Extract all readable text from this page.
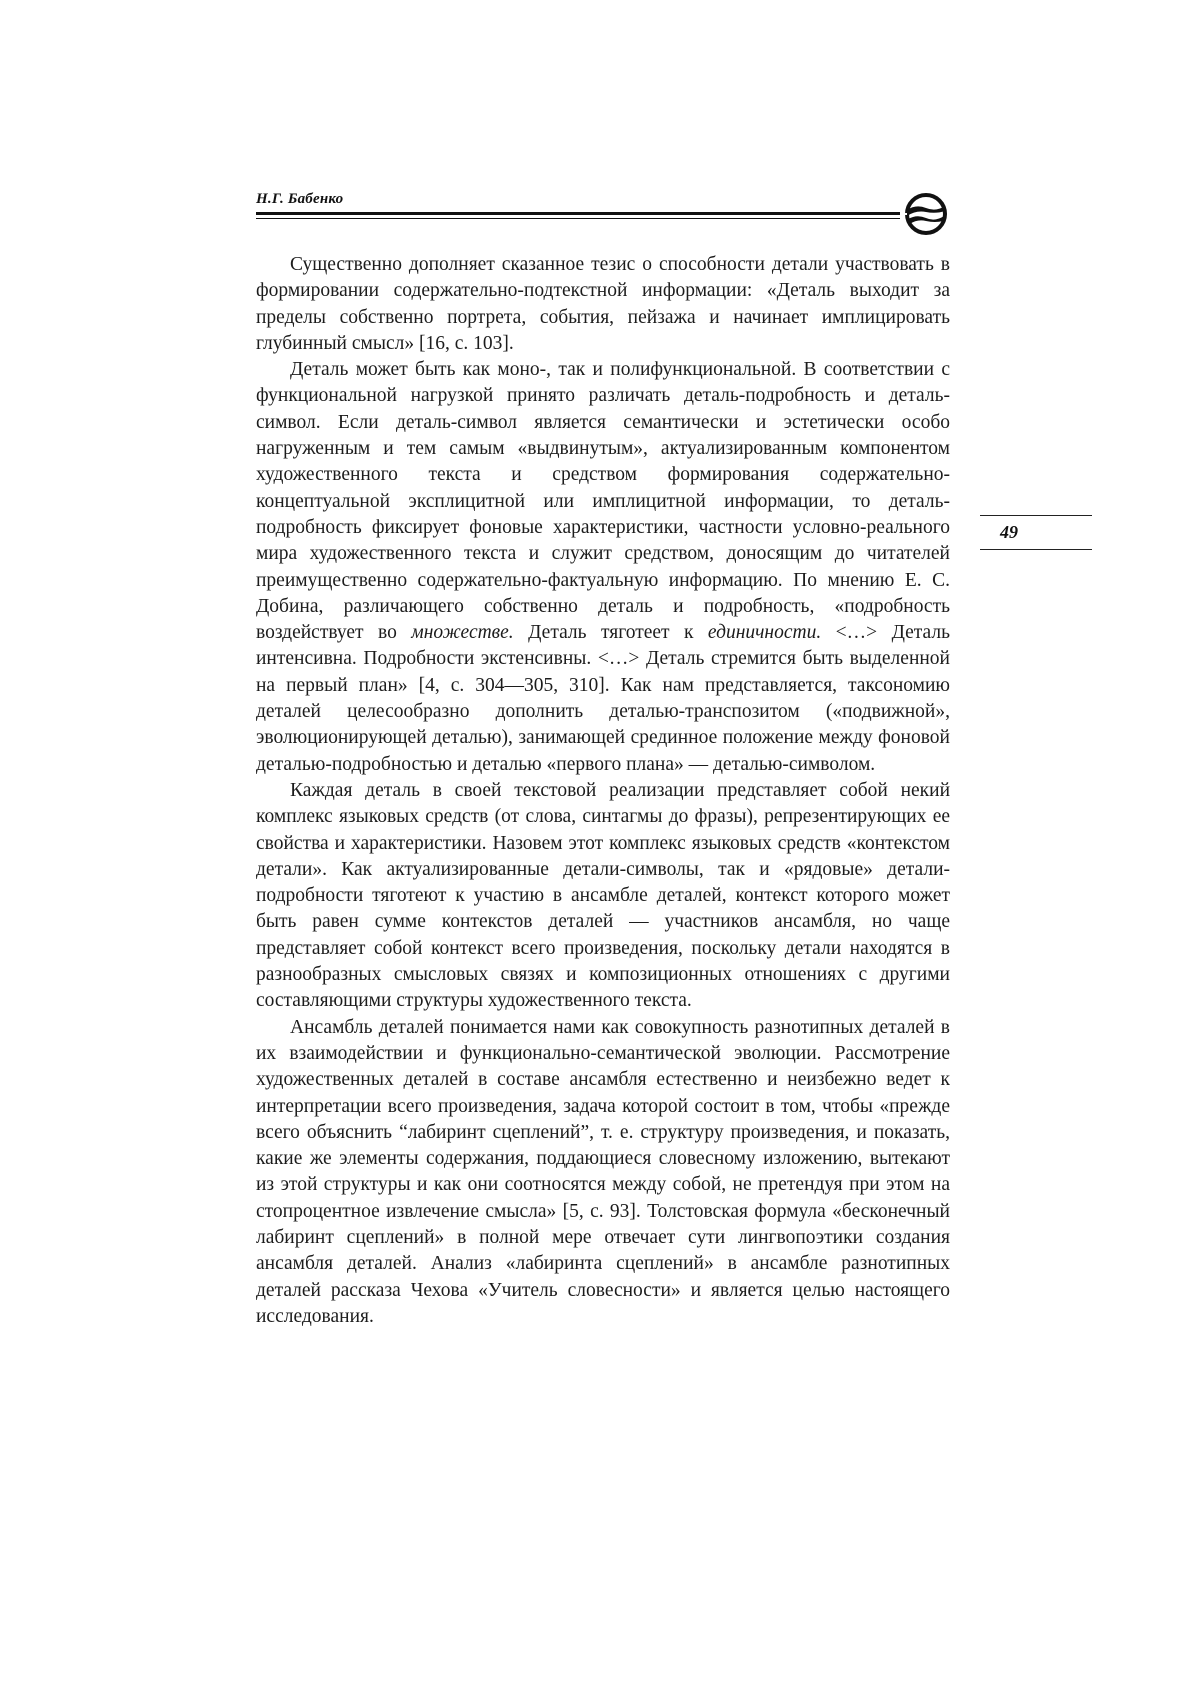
Н.Г. Бабенко
49

Существенно дополняет сказанное тезис о способности детали участвовать в формировании содержательно-подтекстной информации: «Деталь выходит за пределы собственно портрета, события, пейзажа и начинает имплицировать глубинный смысл» [16, с. 103].

Деталь может быть как моно-, так и полифункциональной. В соответствии с функциональной нагрузкой принято различать деталь-подробность и деталь-символ. Если деталь-символ является семантически и эстетически особо нагруженным и тем самым «выдвинутым», актуализированным компонентом художественного текста и средством формирования содержательно-концептуальной эксплицитной или имплицитной информации, то деталь-подробность фиксирует фоновые характеристики, частности условно-реального мира художественного текста и служит средством, доносящим до читателей преимущественно содержательно-фактуальную информацию. По мнению Е. С. Добина, различающего собственно деталь и подробность, «подробность воздействует во множестве. Деталь тяготеет к единичности. <…> Деталь интенсивна. Подробности экстенсивны. <…> Деталь стремится быть выделенной на первый план» [4, с. 304—305, 310]. Как нам представляется, таксономию деталей целесообразно дополнить деталью-транспозитом («подвижной», эволюционирующей деталью), занимающей срединное положение между фоновой деталью-подробностью и деталью «первого плана» — деталью-символом.

Каждая деталь в своей текстовой реализации представляет собой некий комплекс языковых средств (от слова, синтагмы до фразы), репрезентирующих ее свойства и характеристики. Назовем этот комплекс языковых средств «контекстом детали». Как актуализированные детали-символы, так и «рядовые» детали-подробности тяготеют к участию в ансамбле деталей, контекст которого может быть равен сумме контекстов деталей — участников ансамбля, но чаще представляет собой контекст всего произведения, поскольку детали находятся в разнообразных смысловых связях и композиционных отношениях с другими составляющими структуры художественного текста.

Ансамбль деталей понимается нами как совокупность разнотипных деталей в их взаимодействии и функционально-семантической эволюции. Рассмотрение художественных деталей в составе ансамбля естественно и неизбежно ведет к интерпретации всего произведения, задача которой состоит в том, чтобы «прежде всего объяснить “лабиринт сцеплений”, т. е. структуру произведения, и показать, какие же элементы содержания, поддающиеся словесному изложению, вытекают из этой структуры и как они соотносятся между собой, не претендуя при этом на стопроцентное извлечение смысла» [5, с. 93]. Толстовская формула «бесконечный лабиринт сцеплений» в полной мере отвечает сути лингвопоэтики создания ансамбля деталей. Анализ «лабиринта сцеплений» в ансамбле разнотипных деталей рассказа Чехова «Учитель словесности» и является целью настоящего исследования.
